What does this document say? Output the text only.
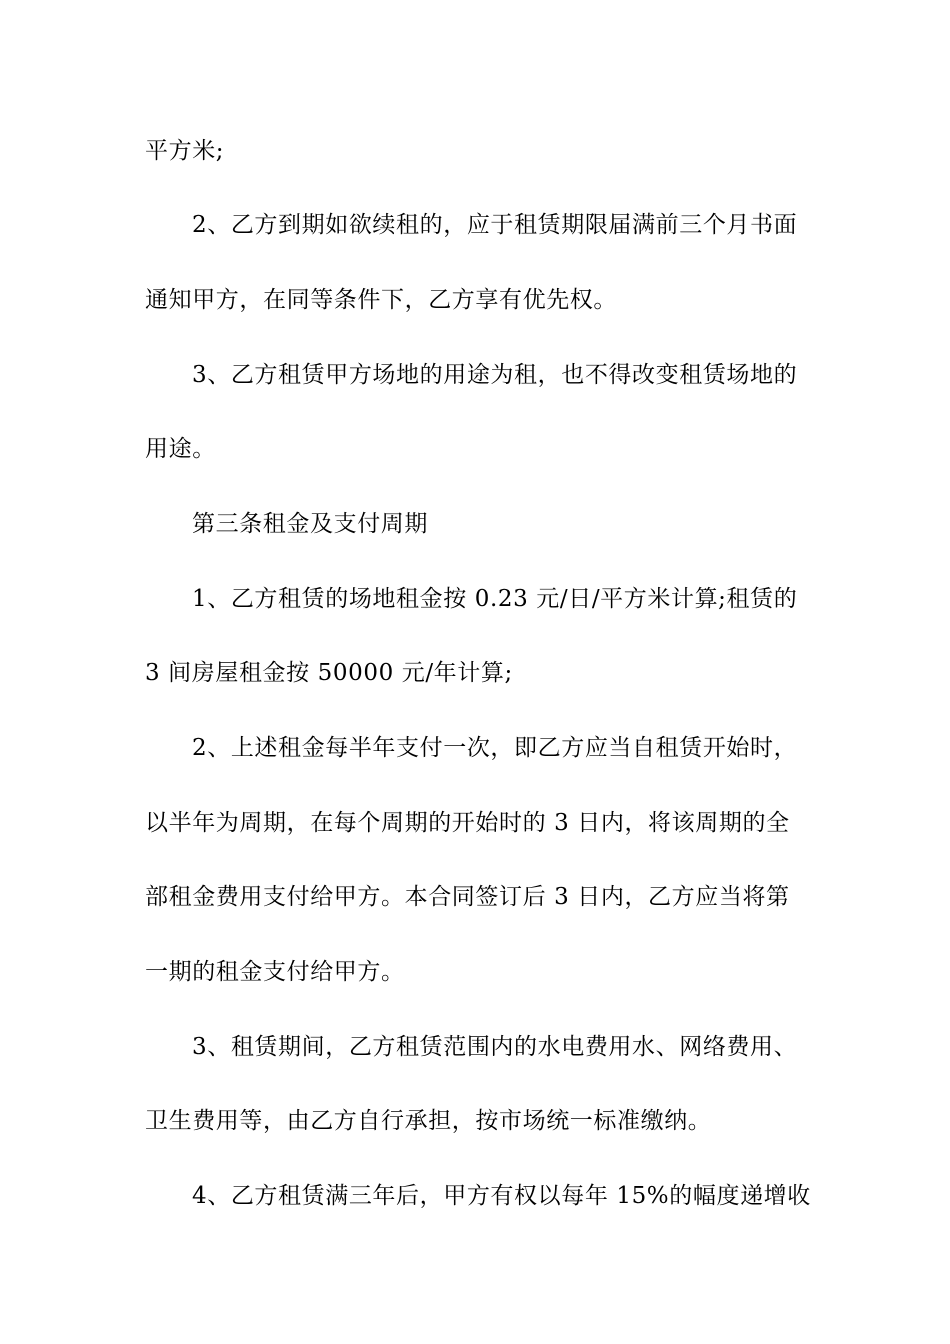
平方米;
2、乙方到期如欲续租的，应于租赁期限届满前三个月书面
通知甲方，在同等条件下，乙方享有优先权。
3、乙方租赁甲方场地的用途为租，也不得改变租赁场地的
用途。
第三条租金及支付周期
1、乙方租赁的场地租金按 0.23 元/日/平方米计算;租赁的
3 间房屋租金按 50000 元/年计算;
2、上述租金每半年支付一次，即乙方应当自租赁开始时，
以半年为周期，在每个周期的开始时的 3 日内，将该周期的全
部租金费用支付给甲方。本合同签订后 3 日内，乙方应当将第
一期的租金支付给甲方。
3、租赁期间，乙方租赁范围内的水电费用水、网络费用、
卫生费用等，由乙方自行承担，按市场统一标准缴纳。
4、乙方租赁满三年后，甲方有权以每年 15%的幅度递增收
